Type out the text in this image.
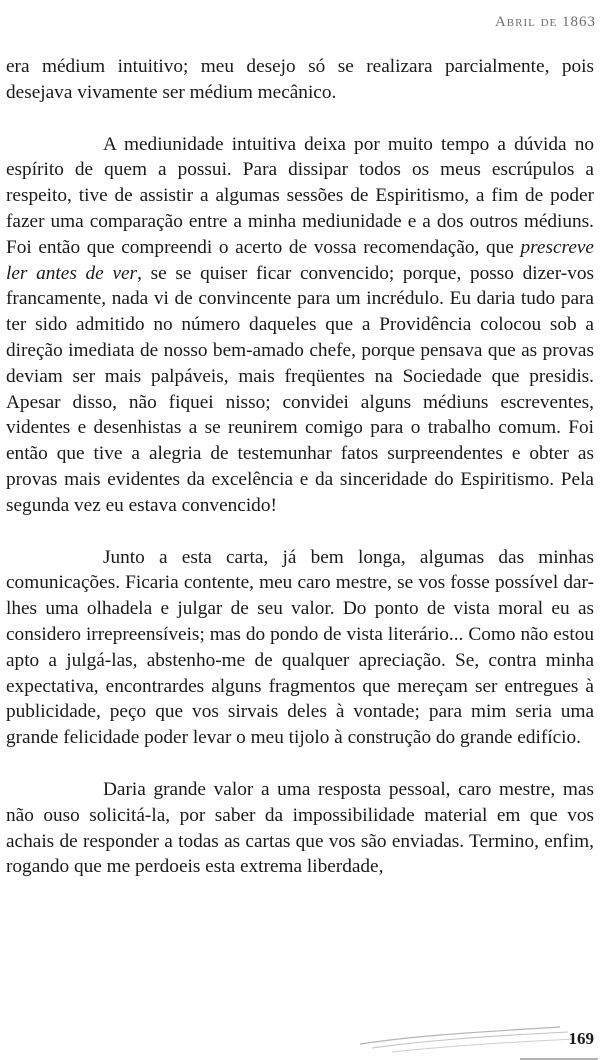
Abril de 1863

era médium intuitivo; meu desejo só se realizara parcialmente, pois desejava vivamente ser médium mecânico.

A mediunidade intuitiva deixa por muito tempo a dúvida no espírito de quem a possui. Para dissipar todos os meus escrúpulos a respeito, tive de assistir a algumas sessões de Espiritismo, a fim de poder fazer uma comparação entre a minha mediunidade e a dos outros médiuns. Foi então que compreendi o acerto de vossa recomendação, que prescreve ler antes de ver, se se quiser ficar convencido; porque, posso dizer-vos francamente, nada vi de convincente para um incrédulo. Eu daria tudo para ter sido admitido no número daqueles que a Providência colocou sob a direção imediata de nosso bem-amado chefe, porque pensava que as provas deviam ser mais palpáveis, mais freqüentes na Sociedade que presidis. Apesar disso, não fiquei nisso; convidei alguns médiuns escreventes, videntes e desenhistas a se reunirem comigo para o trabalho comum. Foi então que tive a alegria de testemunhar fatos surpreendentes e obter as provas mais evidentes da excelência e da sinceridade do Espiritismo. Pela segunda vez eu estava convencido!

Junto a esta carta, já bem longa, algumas das minhas comunicações. Ficaria contente, meu caro mestre, se vos fosse possível dar-lhes uma olhadela e julgar de seu valor. Do ponto de vista moral eu as considero irrepreensíveis; mas do pondo de vista literário... Como não estou apto a julgá-las, abstenho-me de qualquer apreciação. Se, contra minha expectativa, encontrardes alguns fragmentos que mereçam ser entregues à publicidade, peço que vos sirvais deles à vontade; para mim seria uma grande felicidade poder levar o meu tijolo à construção do grande edifício.

Daria grande valor a uma resposta pessoal, caro mestre, mas não ouso solicitá-la, por saber da impossibilidade material em que vos achais de responder a todas as cartas que vos são enviadas. Termino, enfim, rogando que me perdoeis esta extrema liberdade,

169
